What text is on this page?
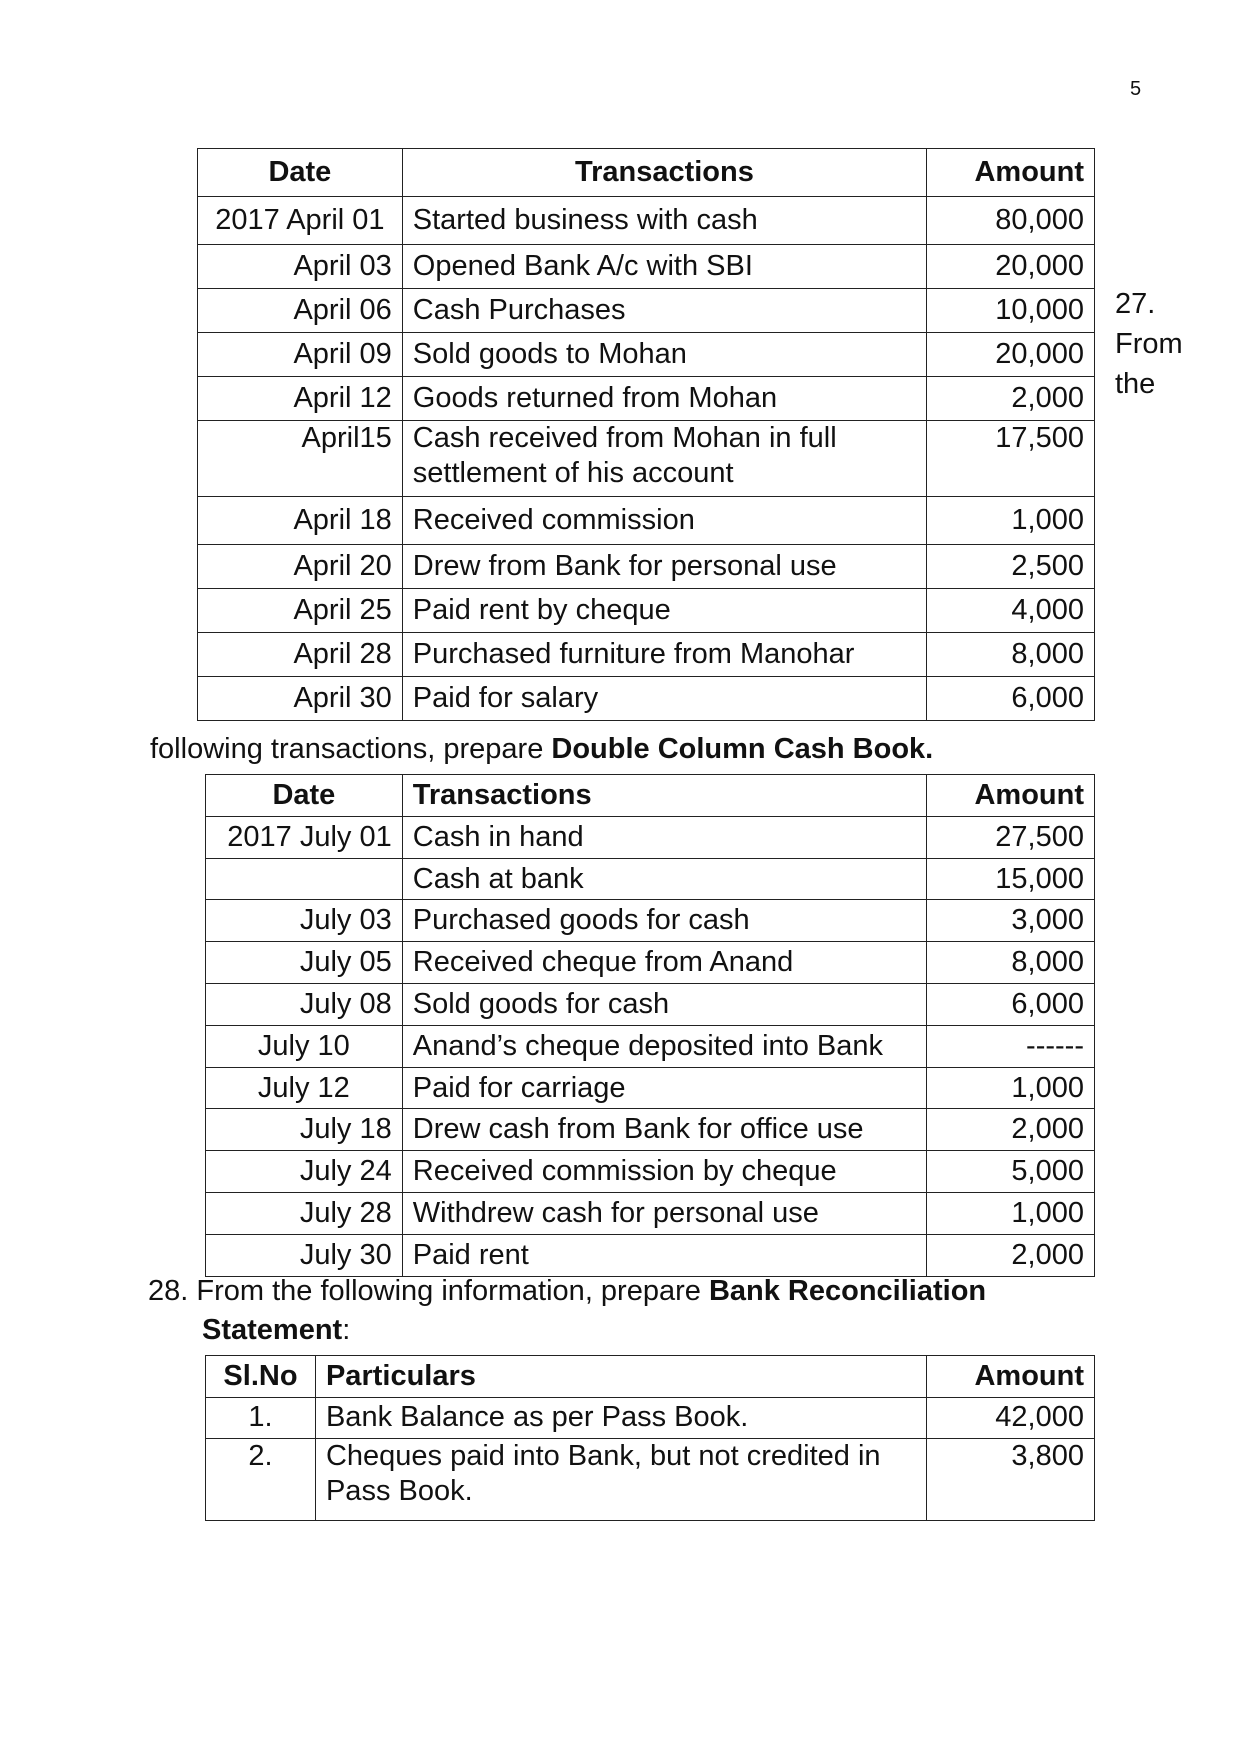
5
Date	Transactions	Amount
2017 April 01	Started business with cash	80,000
April 03	Opened Bank A/c with SBI	20,000
April 06	Cash Purchases	10,000
April 09	Sold goods to Mohan	20,000
April 12	Goods returned from Mohan	2,000
April15	Cash received from Mohan in full settlement of his account	17,500
April 18	Received commission	1,000
April 20	Drew from Bank for personal use	2,500
April 25	Paid rent by cheque	4,000
April 28	Purchased furniture from Manohar	8,000
April 30	Paid for salary	6,000
27.
From
the
following transactions, prepare Double Column Cash Book.
Date	Transactions	Amount
2017 July 01	Cash in hand	27,500
	Cash at bank	15,000
July 03	Purchased goods for cash	3,000
July 05	Received cheque from Anand	8,000
July 08	Sold goods for cash	6,000
July 10	Anand’s cheque deposited into Bank	------
July 12	Paid for carriage	1,000
July 18	Drew cash from Bank for office use	2,000
July 24	Received commission by cheque	5,000
July 28	Withdrew cash for personal use	1,000
July 30	Paid rent	2,000
28. From the following information, prepare Bank Reconciliation
Statement:
Sl.No	Particulars	Amount
1.	Bank Balance as per Pass Book.	42,000
2.	Cheques paid into Bank, but not credited in Pass Book.	3,800
